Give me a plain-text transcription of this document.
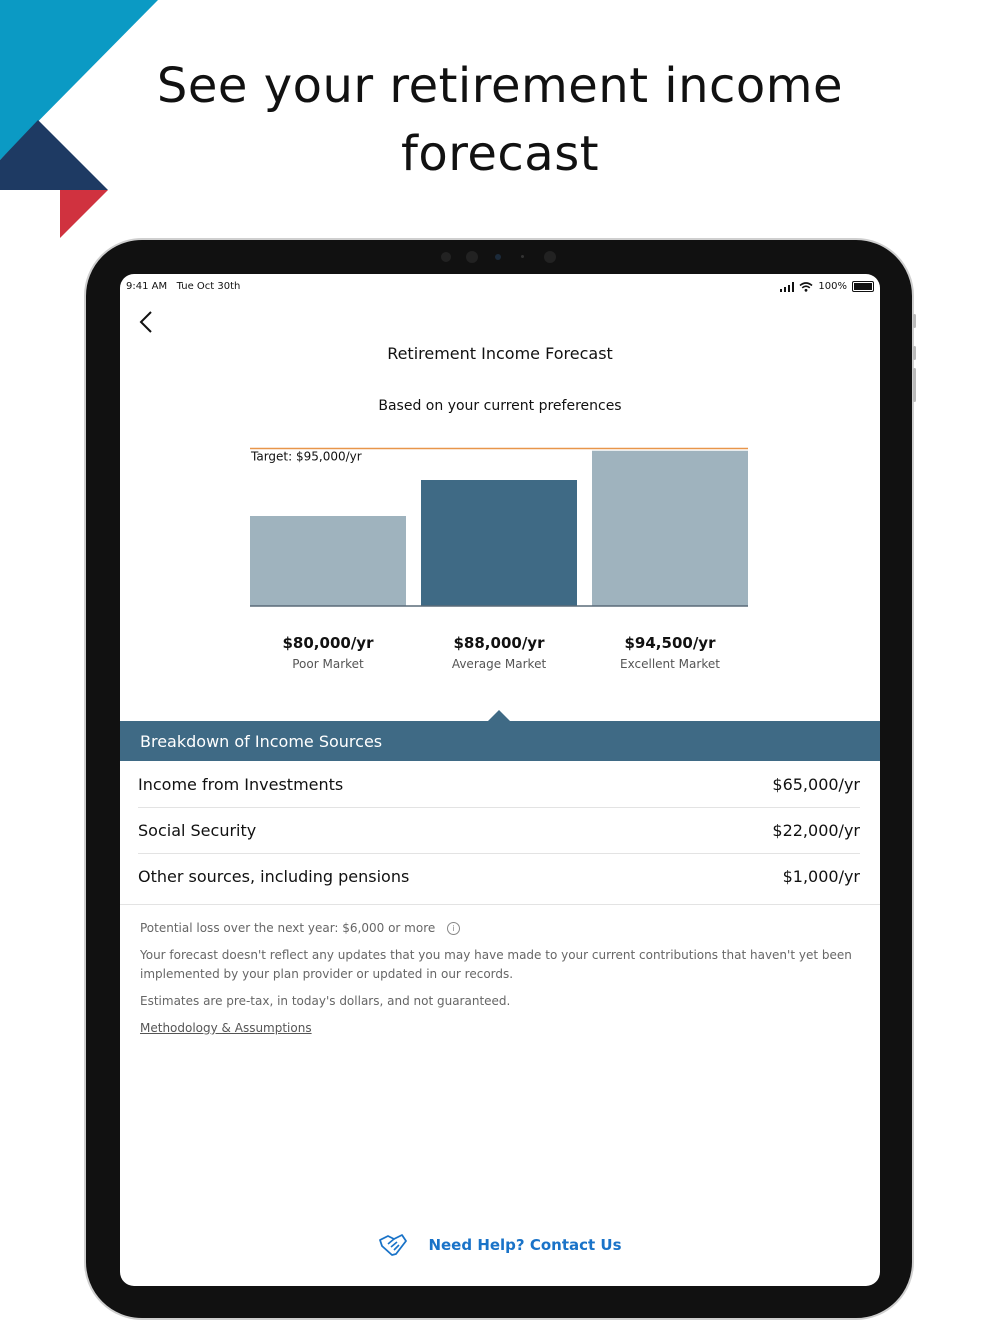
See your retirement income
forecast
9:41 AM Tue Oct 30th	100%
Retirement Income Forecast
Based on your current preferences
Target: $95,000/yr
$80,000/yr
Poor Market
$88,000/yr
Average Market
$94,500/yr
Excellent Market
Breakdown of Income Sources
Income from Investments	$65,000/yr
Social Security	$22,000/yr
Other sources, including pensions	$1,000/yr

Potential loss over the next year: $6,000 or more i

Your forecast doesn't reflect any updates that you may have made to your current contributions that haven't yet been implemented by your plan provider or updated in our records.

Estimates are pre-tax, in today's dollars, and not guaranteed.

Methodology & Assumptions

Need Help? Contact Us
